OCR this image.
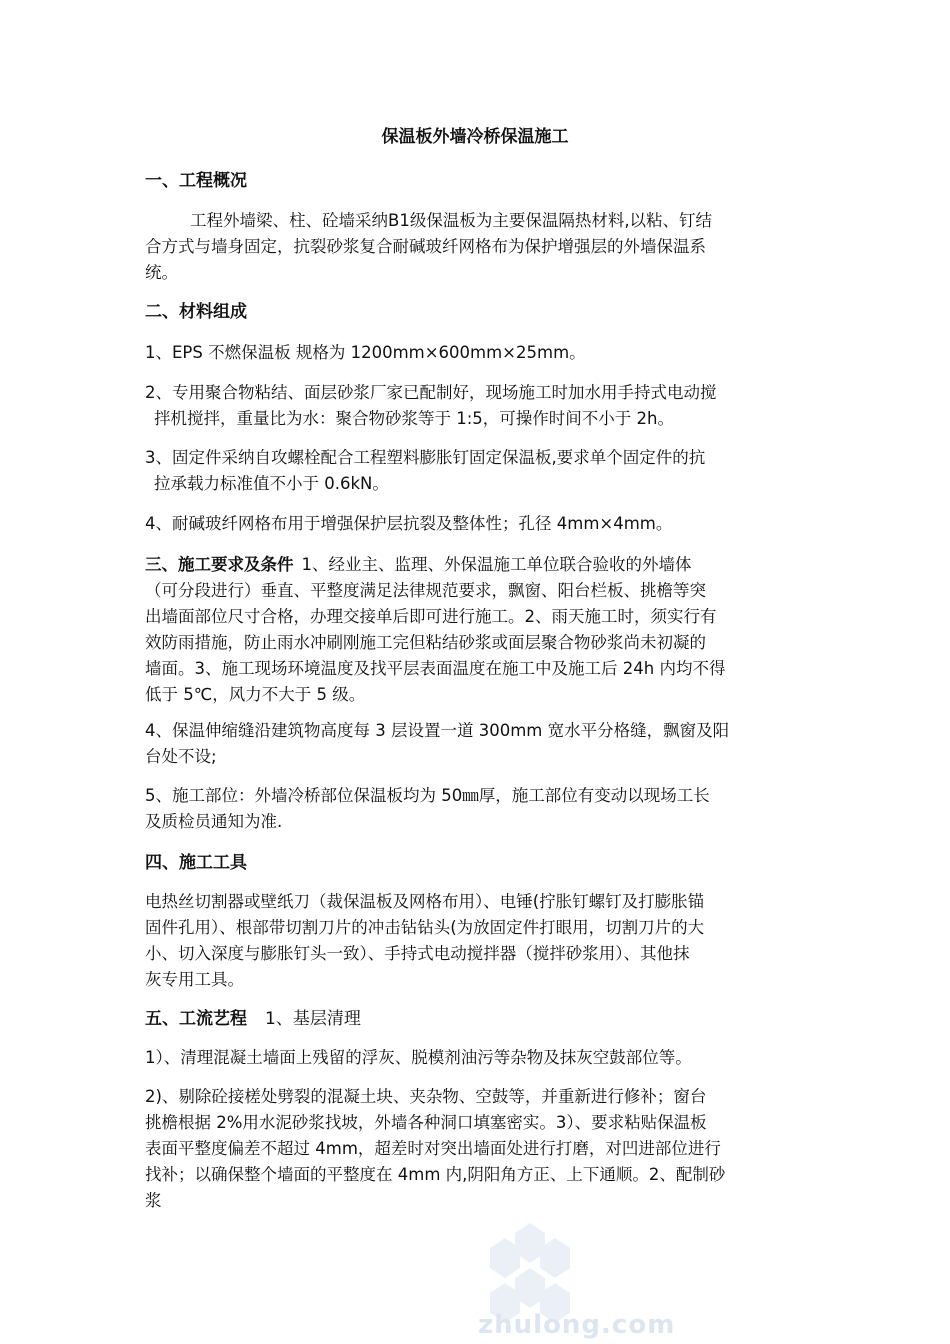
保温板外墙冷桥保温施工
一、工程概况
工程外墙梁、柱、砼墙采纳B1级保温板为主要保温隔热材料,以粘、钉结
合方式与墙身固定，抗裂砂浆复合耐碱玻纤网格布为保护增强层的外墙保温系
统。
二、材料组成
1、EPS 不燃保温板 规格为 1200mm×600mm×25mm。
2、专用聚合物粘结、面层砂浆厂家已配制好，现场施工时加水用手持式电动搅
拌机搅拌，重量比为水：聚合物砂浆等于 1:5，可操作时间不小于 2h。
3、固定件采纳自攻螺栓配合工程塑料膨胀钉固定保温板,要求单个固定件的抗
拉承载力标准值不小于 0.6kN。
4、耐碱玻纤网格布用于增强保护层抗裂及整体性；孔径 4mm×4mm。
三、施工要求及条件 1、经业主、监理、外保温施工单位联合验收的外墙体
（可分段进行）垂直、平整度满足法律规范要求，飘窗、阳台栏板、挑檐等突
出墙面部位尺寸合格，办理交接单后即可进行施工。2、雨天施工时，须实行有
效防雨措施，防止雨水冲刷刚施工完但粘结砂浆或面层聚合物砂浆尚未初凝的
墙面。3、施工现场环境温度及找平层表面温度在施工中及施工后 24h 内均不得
低于 5℃，风力不大于 5 级。
4、保温伸缩缝沿建筑物高度每 3 层设置一道 300mm 宽水平分格缝，飘窗及阳
台处不设;
5、施工部位：外墙冷桥部位保温板均为 50㎜厚，施工部位有变动以现场工长
及质检员通知为准.
四、施工工具
电热丝切割器或壁纸刀（裁保温板及网格布用）、电锤(拧胀钉螺钉及打膨胀锚
固件孔用）、根部带切割刀片的冲击钻钻头(为放固定件打眼用，切割刀片的大
小、切入深度与膨胀钉头一致）、手持式电动搅拌器（搅拌砂浆用）、其他抹
灰专用工具。
五、工流艺程 1、基层清理
1）、清理混凝土墙面上残留的浮灰、脱模剂油污等杂物及抹灰空鼓部位等。
2)、剔除砼接槎处劈裂的混凝土块、夹杂物、空鼓等，并重新进行修补；窗台
挑檐根据 2%用水泥砂浆找坡，外墙各种洞口填塞密实。3）、要求粘贴保温板
表面平整度偏差不超过 4mm，超差时对突出墙面处进行打磨，对凹进部位进行
找补；以确保整个墙面的平整度在 4mm 内,阴阳角方正、上下通顺。2、配制砂
浆
zhulong.com
